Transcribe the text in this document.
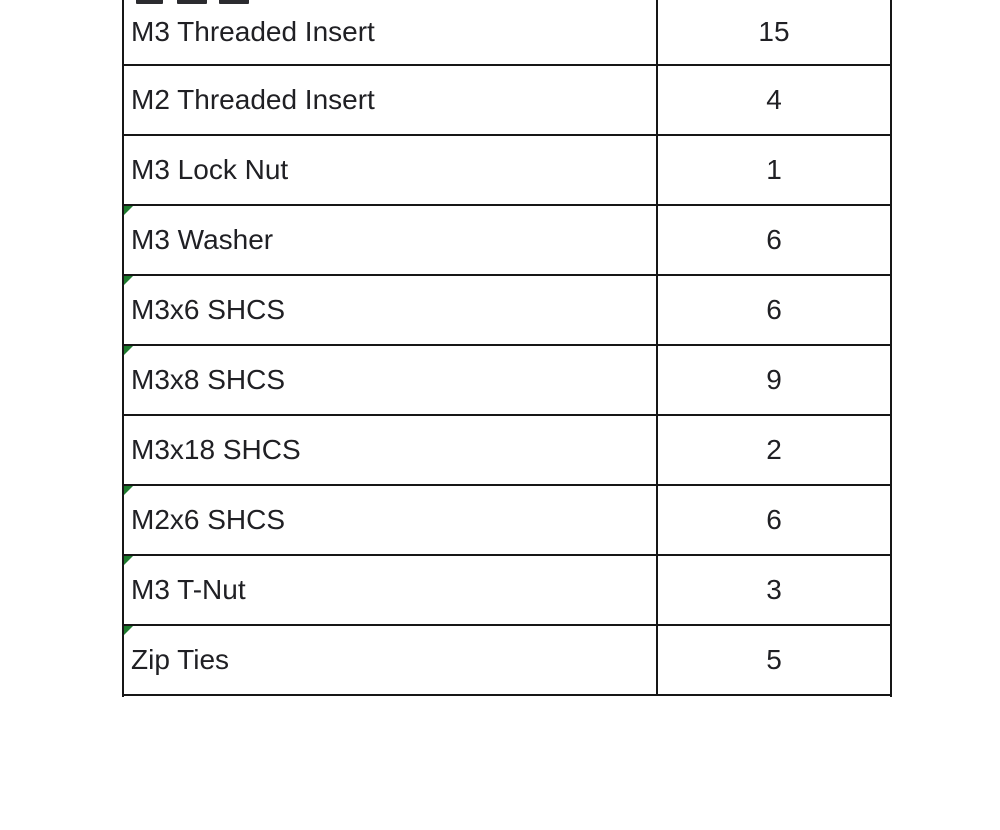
M3 Threaded Insert	15
M2 Threaded Insert	4
M3 Lock Nut	1
M3 Washer	6
M3x6 SHCS	6
M3x8 SHCS	9
M3x18 SHCS	2
M2x6 SHCS	6
M3 T-Nut	3
Zip Ties	5
